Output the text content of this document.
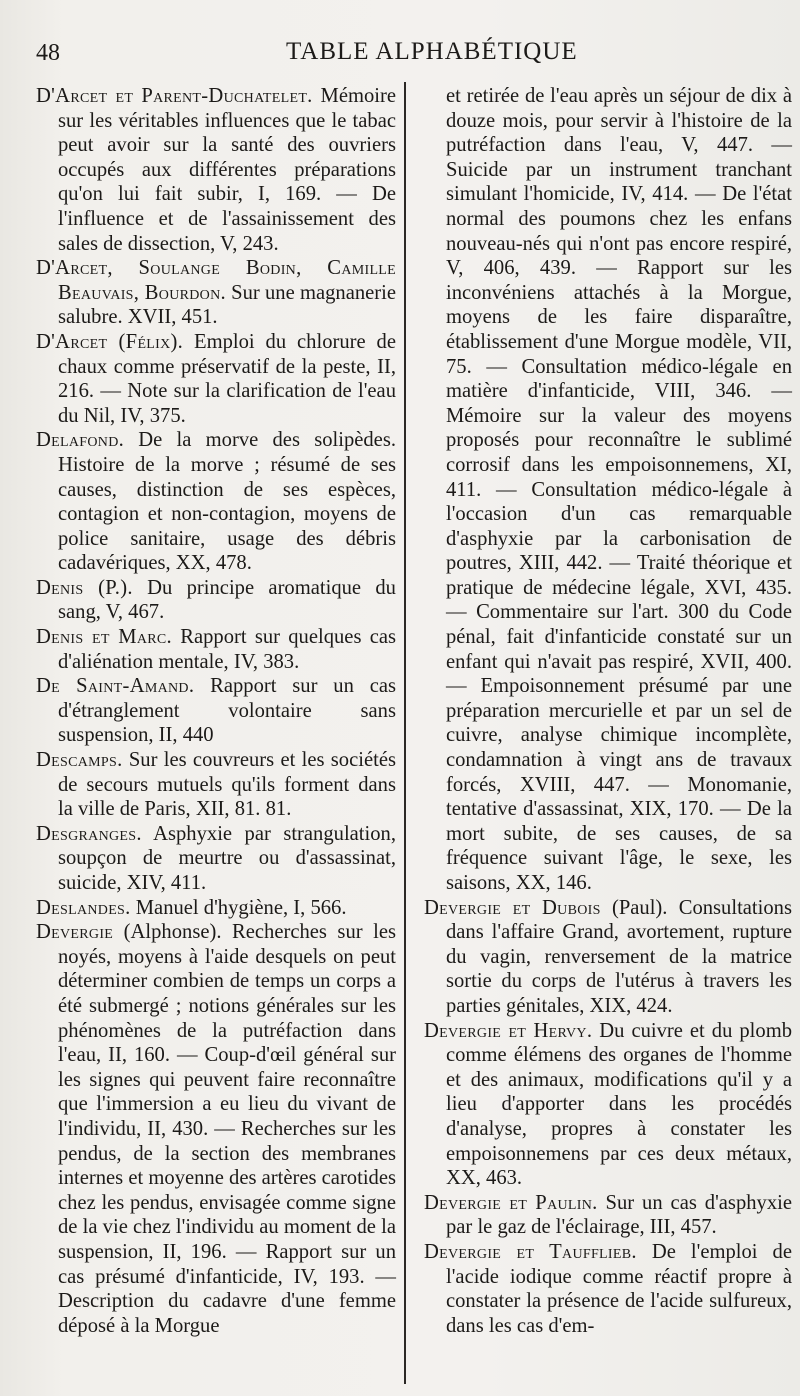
48	TABLE ALPHABÉTIQUE

D'Arcet et Parent-Duchatelet. Mémoire sur les véritables influences que le tabac peut avoir sur la santé des ouvriers occupés aux différentes préparations qu'on lui fait subir, I, 169. — De l'influence et de l'assainissement des sales de dissection, V, 243.

D'Arcet, Soulange Bodin, Camille Beauvais, Bourdon. Sur une magnanerie salubre. XVII, 451.

D'Arcet (Félix). Emploi du chlorure de chaux comme préservatif de la peste, II, 216. — Note sur la clarification de l'eau du Nil, IV, 375.

Delafond. De la morve des solipèdes. Histoire de la morve ; résumé de ses causes, distinction de ses espèces, contagion et non-contagion, moyens de police sanitaire, usage des débris cadavériques, XX, 478.

Denis (P.). Du principe aromatique du sang, V, 467.

Denis et Marc. Rapport sur quelques cas d'aliénation mentale, IV, 383.

De Saint-Amand. Rapport sur un cas d'étranglement volontaire sans suspension, II, 440

Descamps. Sur les couvreurs et les sociétés de secours mutuels qu'ils forment dans la ville de Paris, XII, 81. 81.

Desgranges. Asphyxie par strangulation, soupçon de meurtre ou d'assassinat, suicide, XIV, 411.

Deslandes. Manuel d'hygiène, I, 566.

Devergie (Alphonse). Recherches sur les noyés, moyens à l'aide desquels on peut déterminer combien de temps un corps a été submergé ; notions générales sur les phénomènes de la putréfaction dans l'eau, II, 160. — Coup-d'œil général sur les signes qui peuvent faire reconnaître que l'immersion a eu lieu du vivant de l'individu, II, 430. — Recherches sur les pendus, de la section des membranes internes et moyenne des artères carotides chez les pendus, envisagée comme signe de la vie chez l'individu au moment de la suspension, II, 196. — Rapport sur un cas présumé d'infanticide, IV, 193. — Description du cadavre d'une femme déposé à la Morgue

et retirée de l'eau après un séjour de dix à douze mois, pour servir à l'histoire de la putréfaction dans l'eau, V, 447. — Suicide par un instrument tranchant simulant l'homicide, IV, 414. — De l'état normal des poumons chez les enfans nouveau-nés qui n'ont pas encore respiré, V, 406, 439. — Rapport sur les inconvéniens attachés à la Morgue, moyens de les faire disparaître, établissement d'une Morgue modèle, VII, 75. — Consultation médico-légale en matière d'infanticide, VIII, 346. — Mémoire sur la valeur des moyens proposés pour reconnaître le sublimé corrosif dans les empoisonnemens, XI, 411. — Consultation médico-légale à l'occasion d'un cas remarquable d'asphyxie par la carbonisation de poutres, XIII, 442. — Traité théorique et pratique de médecine légale, XVI, 435. — Commentaire sur l'art. 300 du Code pénal, fait d'infanticide constaté sur un enfant qui n'avait pas respiré, XVII, 400. — Empoisonnement présumé par une préparation mercurielle et par un sel de cuivre, analyse chimique incomplète, condamnation à vingt ans de travaux forcés, XVIII, 447. — Monomanie, tentative d'assassinat, XIX, 170. — De la mort subite, de ses causes, de sa fréquence suivant l'âge, le sexe, les saisons, XX, 146.

Devergie et Dubois (Paul). Consultations dans l'affaire Grand, avortement, rupture du vagin, renversement de la matrice sortie du corps de l'utérus à travers les parties génitales, XIX, 424.

Devergie et Hervy. Du cuivre et du plomb comme élémens des organes de l'homme et des animaux, modifications qu'il y a lieu d'apporter dans les procédés d'analyse, propres à constater les empoisonnemens par ces deux métaux, XX, 463.

Devergie et Paulin. Sur un cas d'asphyxie par le gaz de l'éclairage, III, 457.

Devergie et Taufflieb. De l'emploi de l'acide iodique comme réactif propre à constater la présence de l'acide sulfureux, dans les cas d'em-
